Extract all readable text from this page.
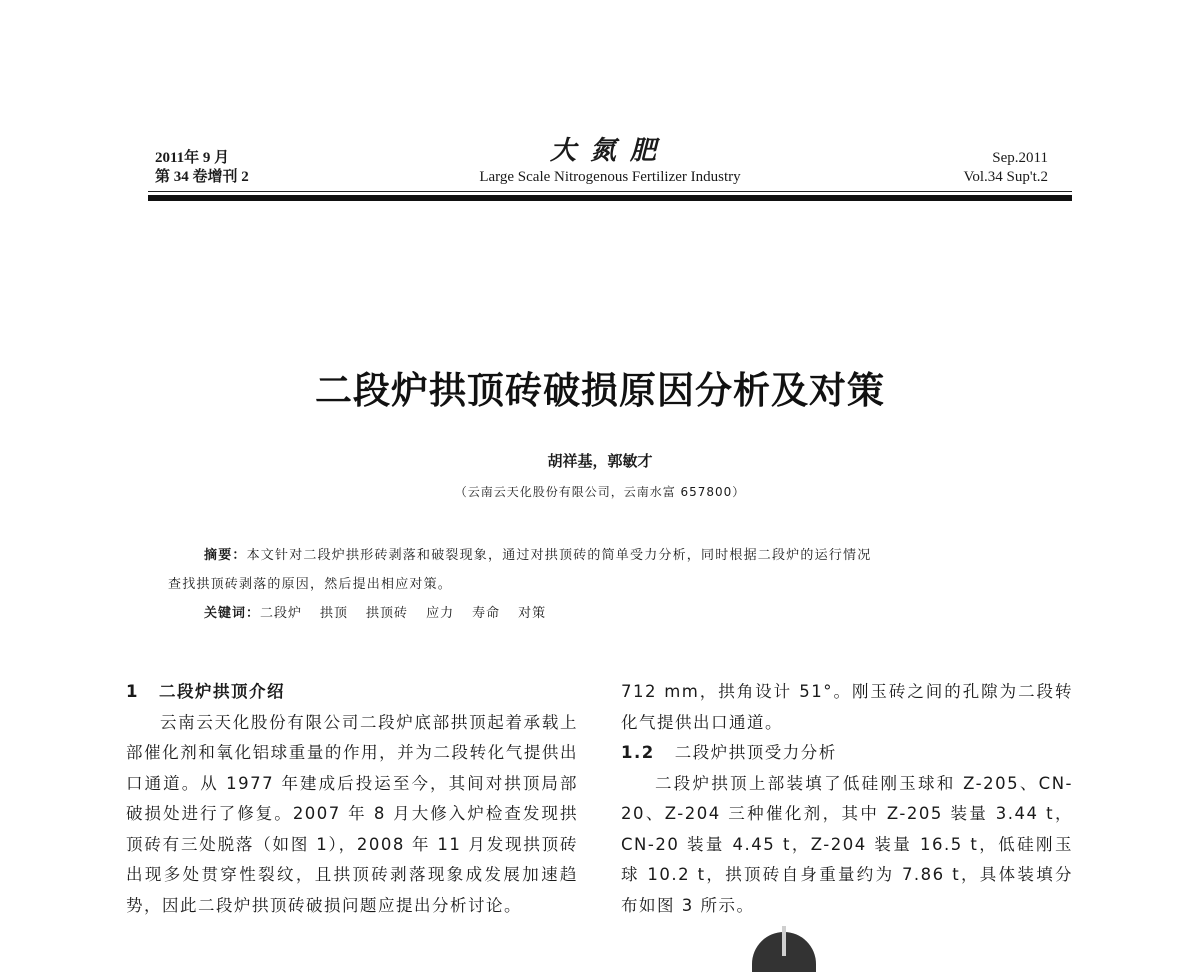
2011年 9 月
第 34 卷增刊 2
大氮肥
Large Scale Nitrogenous Fertilizer Industry
Sep.2011
Vol.34 Sup't.2
二段炉拱顶砖破损原因分析及对策
胡祥基，郭敏才
（云南云天化股份有限公司，云南水富 657800）
摘要：本文针对二段炉拱形砖剥落和破裂现象，通过对拱顶砖的简单受力分析，同时根据二段炉的运行情况
查找拱顶砖剥落的原因，然后提出相应对策。
关键词：二段炉 拱顶 拱顶砖 应力 寿命 对策
1 二段炉拱顶介绍

云南云天化股份有限公司二段炉底部拱顶起着承载上部催化剂和氧化铝球重量的作用，并为二段转化气提供出口通道。从 1977 年建成后投运至今，其间对拱顶局部破损处进行了修复。2007 年 8 月大修入炉检查发现拱顶砖有三处脱落（如图 1），2008 年 11 月发现拱顶砖出现多处贯穿性裂纹，且拱顶砖剥落现象成发展加速趋势，因此二段炉拱顶砖破损问题应提出分析讨论。

712 mm，拱角设计 51°。刚玉砖之间的孔隙为二段转化气提供出口通道。

1.2 二段炉拱顶受力分析

二段炉拱顶上部装填了低硅刚玉球和 Z-205、CN-20、Z-204 三种催化剂，其中 Z-205 装量 3.44 t，CN-20 装量 4.45 t，Z-204 装量 16.5 t，低硅刚玉球 10.2 t，拱顶砖自身重量约为 7.86 t，具体装填分布如图 3 所示。
